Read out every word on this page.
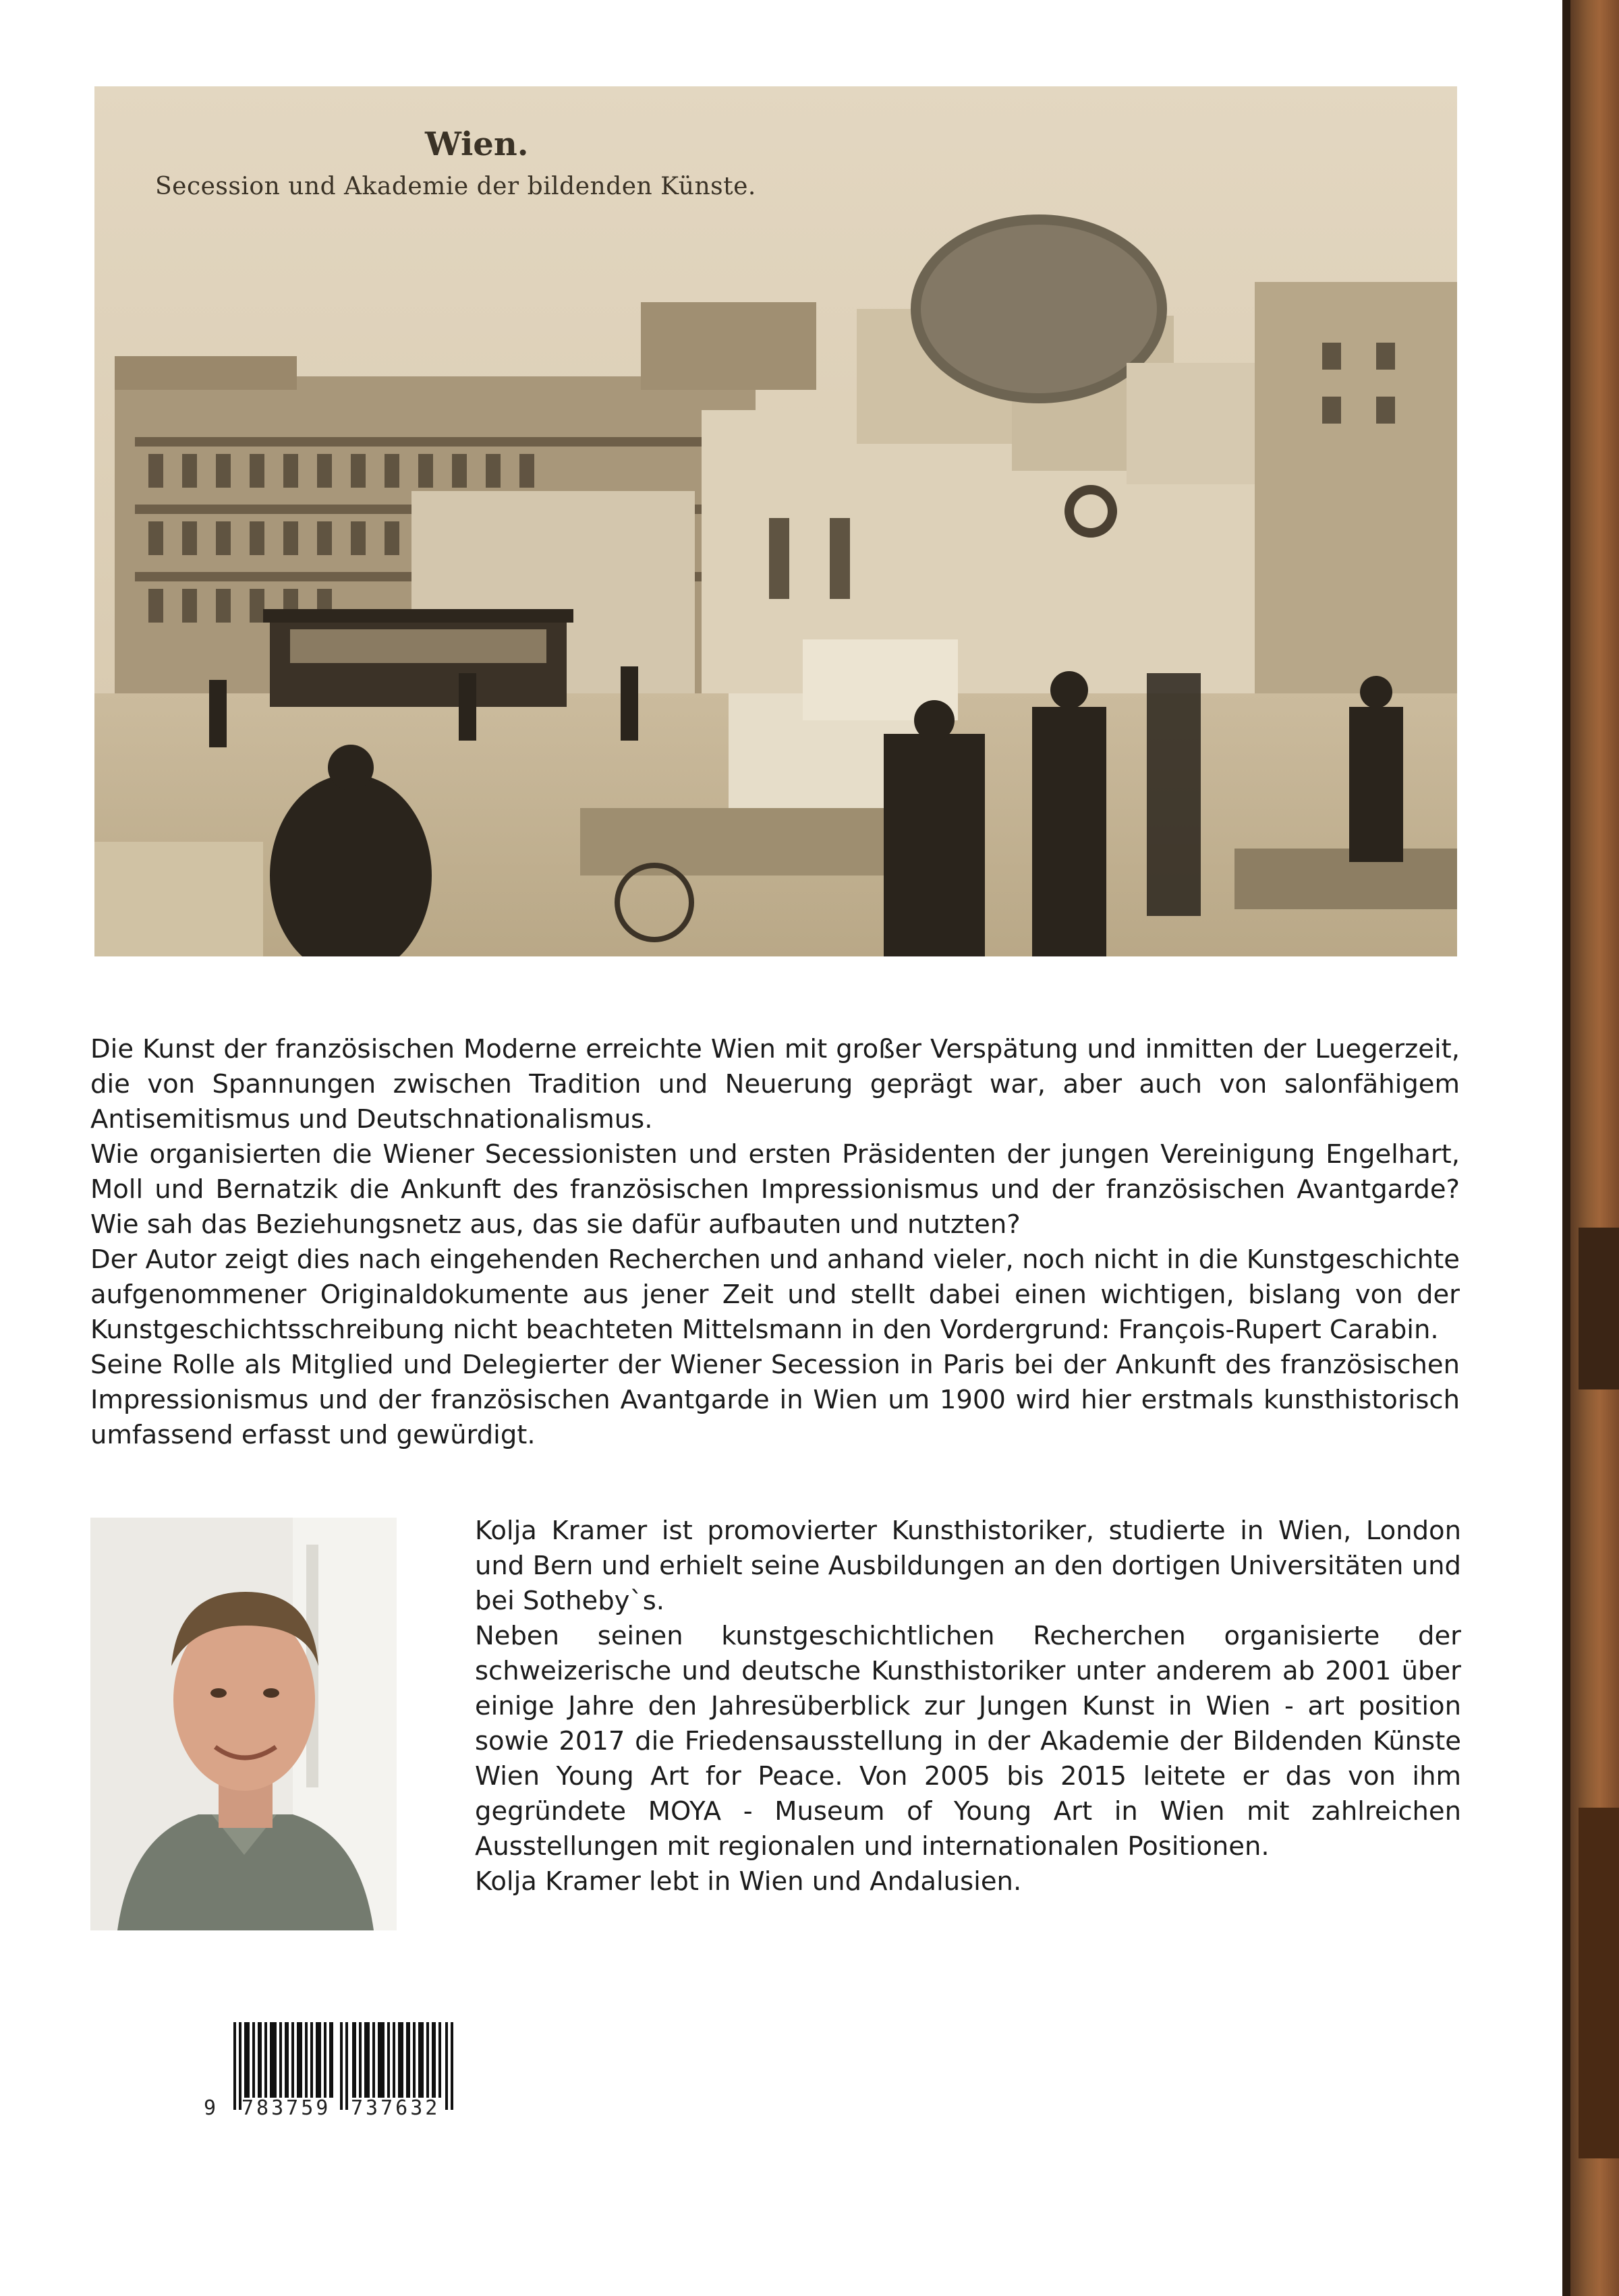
Wien.
Secession und Akademie der bildenden Künste.

Die Kunst der französischen Moderne erreichte Wien mit großer Verspätung und inmitten der Luegerzeit, die von Spannungen zwischen Tradition und Neuerung geprägt war, aber auch von salonfähigem Antisemitismus und Deutschnationalismus.

Wie organisierten die Wiener Secessionisten und ersten Präsidenten der jungen Vereinigung Engelhart, Moll und Bernatzik die Ankunft des französischen Impressionismus und der französischen Avantgarde? Wie sah das Beziehungsnetz aus, das sie dafür aufbauten und nutzten?

Der Autor zeigt dies nach eingehenden Recherchen und anhand vieler, noch nicht in die Kunstgeschichte aufgenommener Originaldokumente aus jener Zeit und stellt dabei einen wichtigen, bislang von der Kunstgeschichtsschreibung nicht beachteten Mittelsmann in den Vordergrund: François-Rupert Carabin.

Seine Rolle als Mitglied und Delegierter der Wiener Secession in Paris bei der Ankunft des französischen Impressionismus und der französischen Avantgarde in Wien um 1900 wird hier erstmals kunsthistorisch umfassend erfasst und gewürdigt.

Kolja Kramer ist promovierter Kunsthistoriker, studierte in Wien, London und Bern und erhielt seine Ausbildungen an den dortigen Universitäten und bei Sotheby`s.

Neben seinen kunstgeschichtlichen Recherchen organisierte der schweizerische und deutsche Kunsthistoriker unter anderem ab 2001 über einige Jahre den Jahresüberblick zur Jungen Kunst in Wien - art position sowie 2017 die Friedensausstellung in der Akademie der Bildenden Künste Wien Young Art for Peace. Von 2005 bis 2015 leitete er das von ihm gegründete MOYA - Museum of Young Art in Wien mit zahlreichen Ausstellungen mit regionalen und internationalen Positionen.

Kolja Kramer lebt in Wien und Andalusien.

9 783759 737632
